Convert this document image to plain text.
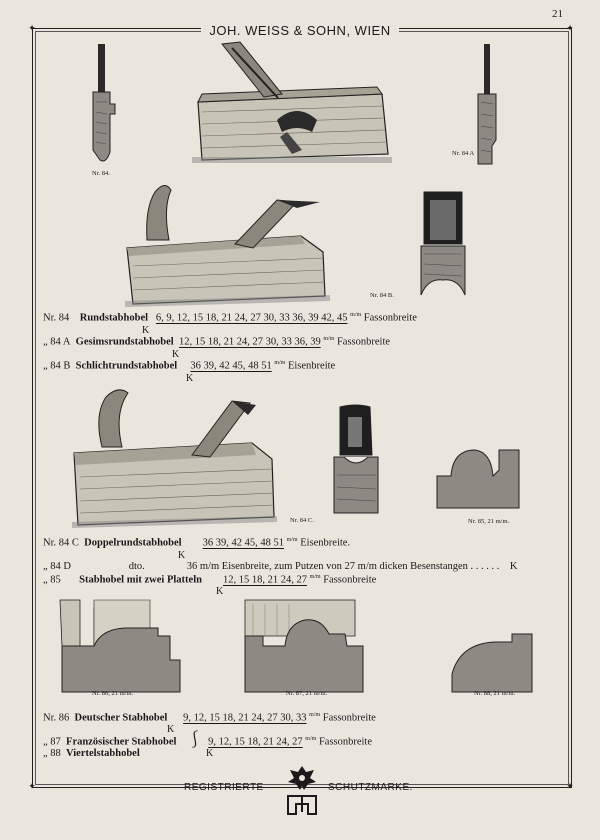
21
✦	✦
✦	✦
JOH. WEISS & SOHN, WIEN
Nr. 84.
Nr. 84 A
Nr. 84 B.
Nr. 84 C.	Nr. 85, 21 m/m.
Nr. 86, 21 m/m.	Nr. 87, 21 m/m.	Nr. 88, 21 m/m.
Nr. 84 Rundstabhobel 6, 9, 12, 15 18, 21 24, 27 30, 33 36, 39 42, 45 $^{m/m}$ Fassonbreite
K
„ 84 A Gesimsrundstabhobel 12, 15 18, 21 24, 27 30, 33 36, 39 $^{m/m}$ Fassonbreite
K
„ 84 B Schlichtrundstabhobel 36 39, 42 45, 48 51 $^{m/m}$ Eisenbreite
K
Nr. 84 C Doppelrundstabhobel 36 39, 42 45, 48 51 $^{m/m}$ Eisenbreite.
K
„ 84 D	dto.	36 m/m Eisenbreite, zum Putzen von 27 m/m dicken Besenstangen . . . . . . K
„ 85 Stabhobel mit zwei Platteln 12, 15 18, 21 24, 27 $^{m/m}$ Fassonbreite
K
Nr. 86 Deutscher Stabhobel 9, 12, 15 18, 21 24, 27 30, 33 $^{m/m}$ Fassonbreite
K
„ 87 Französischer Stabhobel ⎰ 9, 12, 15 18, 21 24, 27 $^{m/m}$ Fassonbreite
„ 88 Viertelstabhobel	K
REGISTRIERTE	SCHUTZMARKE.
